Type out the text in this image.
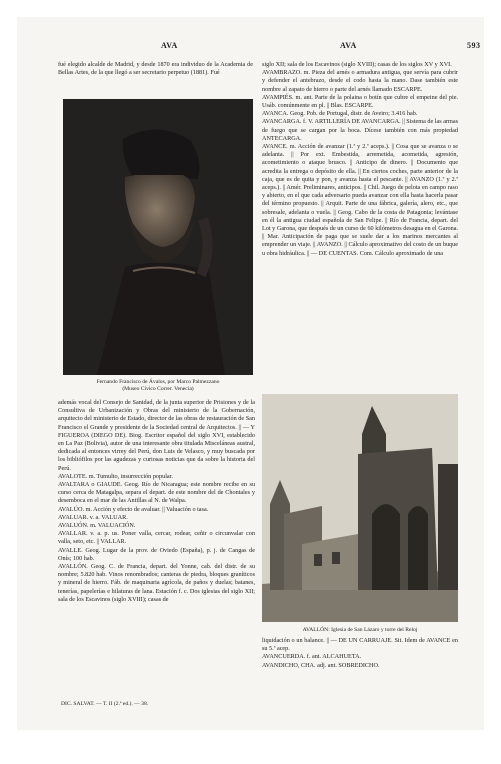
AVA	AVA	593

fué elegido alcalde de Madrid, y desde 1870 era individuo de la Academia de Bellas Artes, de la que llegó a ser secretario perpetuo (1881). Fué

Fernando Francisco de Ávalos, por Marco Palmezzano
(Museo Cívico Correr. Venecia)

además vocal del Consejo de Sanidad, de la junta superior de Prisiones y de la Consultiva de Urbanización y Obras del ministerio de la Gobernación, arquitecto del ministerio de Estado, director de las obras de restauración de San Francisco el Grande y presidente de la Sociedad central de Arquitectos. || — Y FIGUEROA (DIEGO DE). Biog. Escritor español del siglo XVI, establecido en La Paz (Bolivia), autor de una interesante obra titulada Misceláneas austral, dedicada al entonces virrey del Perú, don Luis de Velasco, y muy buscada por los bibliófilos por las agudezas y curiosas noticias que da sobre la historia del Perú.

AVALOTE. m. Tumulto, insurrección popular.

AVALTARA o GIAUDE. Geog. Río de Nicaragua; este nombre recibe en su curso cerca de Matagalpa, separa el depart. de este nombre del de Chontales y desemboca en el mar de las Antillas al N. de Walpa.

AVALÚO. m. Acción y efecto de avaluar. || Valuación o tasa.

AVALUAR. v. a. VALUAR.

AVALUÓN. m. VALUACIÓN.

AVALLAR. v. a. p. us. Poner valla, cercar, rodear, ceñir o circunvalar con valla, seto, etc. || VALLAR.

AVALLE. Geog. Lugar de la prov. de Oviedo (España), p. j. de Cangas de Onís; 100 hab.

AVALLÓN. Geog. C. de Francia, depart. del Yonne, cab. del distr. de su nombre; 5.820 hab. Vinos renombrados; canteras de piedra, bloques graníticos y mineral de hierro. Fáb. de maquinaria agrícola, de paños y duelas; batanes, tenerías, papelerías e hilaturas de lana. Estación f. c. Dos iglesias del siglo XII; sala de los Escavinos (siglo XVIII); casas de

DIC. SALVAT. — T. II (2.ª ed.). — 38.

siglo XII; sala de los Escavinos (siglo XVIII); casas de los siglos XV y XVI.

AVAMBRAZO. m. Pieza del arnés o armadura antigua, que servía para cubrir y defender el antebrazo, desde el codo hasta la mano. Dase también este nombre al zapato de hierro o parte del arnés llamado ESCARPE.

AVAMPIÉS. m. ant. Parte de la polaina o botín que cubre el empeine del pie. Usáb. comúnmente en pl. || Blas. ESCARPE.

AVANCA. Geog. Pob. de Portugal, distr. de Aveiro; 3.416 hab.

AVANCARGA. f. V. ARTILLERÍA DE AVANCARGA. || Sistema de las armas de fuego que se cargan por la boca. Dícese también con más propiedad ANTECARGA.

AVANCE. m. Acción de avanzar (1.ª y 2.ª aceps.). || Cosa que se avanza o se adelanta. || Por ext. Embestida, arremetida, acometida, agresión, acometimiento o ataque brusco. || Anticipo de dinero. || Documento que acredita la entrega o depósito de ella. || En ciertos coches, parte anterior de la caja, que es de quita y pon, y avanza hasta el pescante. || AVANZO (1.ª y 2.ª aceps.). || Amér. Preliminares, anticipos. || Chil. Juego de pelota en campo raso y abierto, en el que cada adversario pueda avanzar con ella hasta hacerla pasar del término propuesto. || Arquit. Parte de una fábrica, galería, alero, etc., que sobresale, adelanta o vuela. || Geog. Cabo de la costa de Patagonia; levántase en él la antigua ciudad española de San Felipe. || Río de Francia, depart. del Lot y Garona, que después de un curso de 60 kilómetros desagua en el Garona. || Mar. Anticipación de paga que se suele dar a los marinos mercantes al emprender un viaje. || AVANZO. || Cálculo aproximativo del costo de un buque u obra hidráulica. || — DE CUENTAS. Com. Cálculo aproximado de una

AVALLÓN: Iglesia de San Lázaro y torre del Reloj

liquidación o un balance. || — DE UN CARRUAJE. Sit. Idem de AVANCE en su 5.ª acep.

AVANCUERDA. f. ant. ALCAHUETA.

AVANDICHO, CHA. adj. ant. SOBREDICHO.
